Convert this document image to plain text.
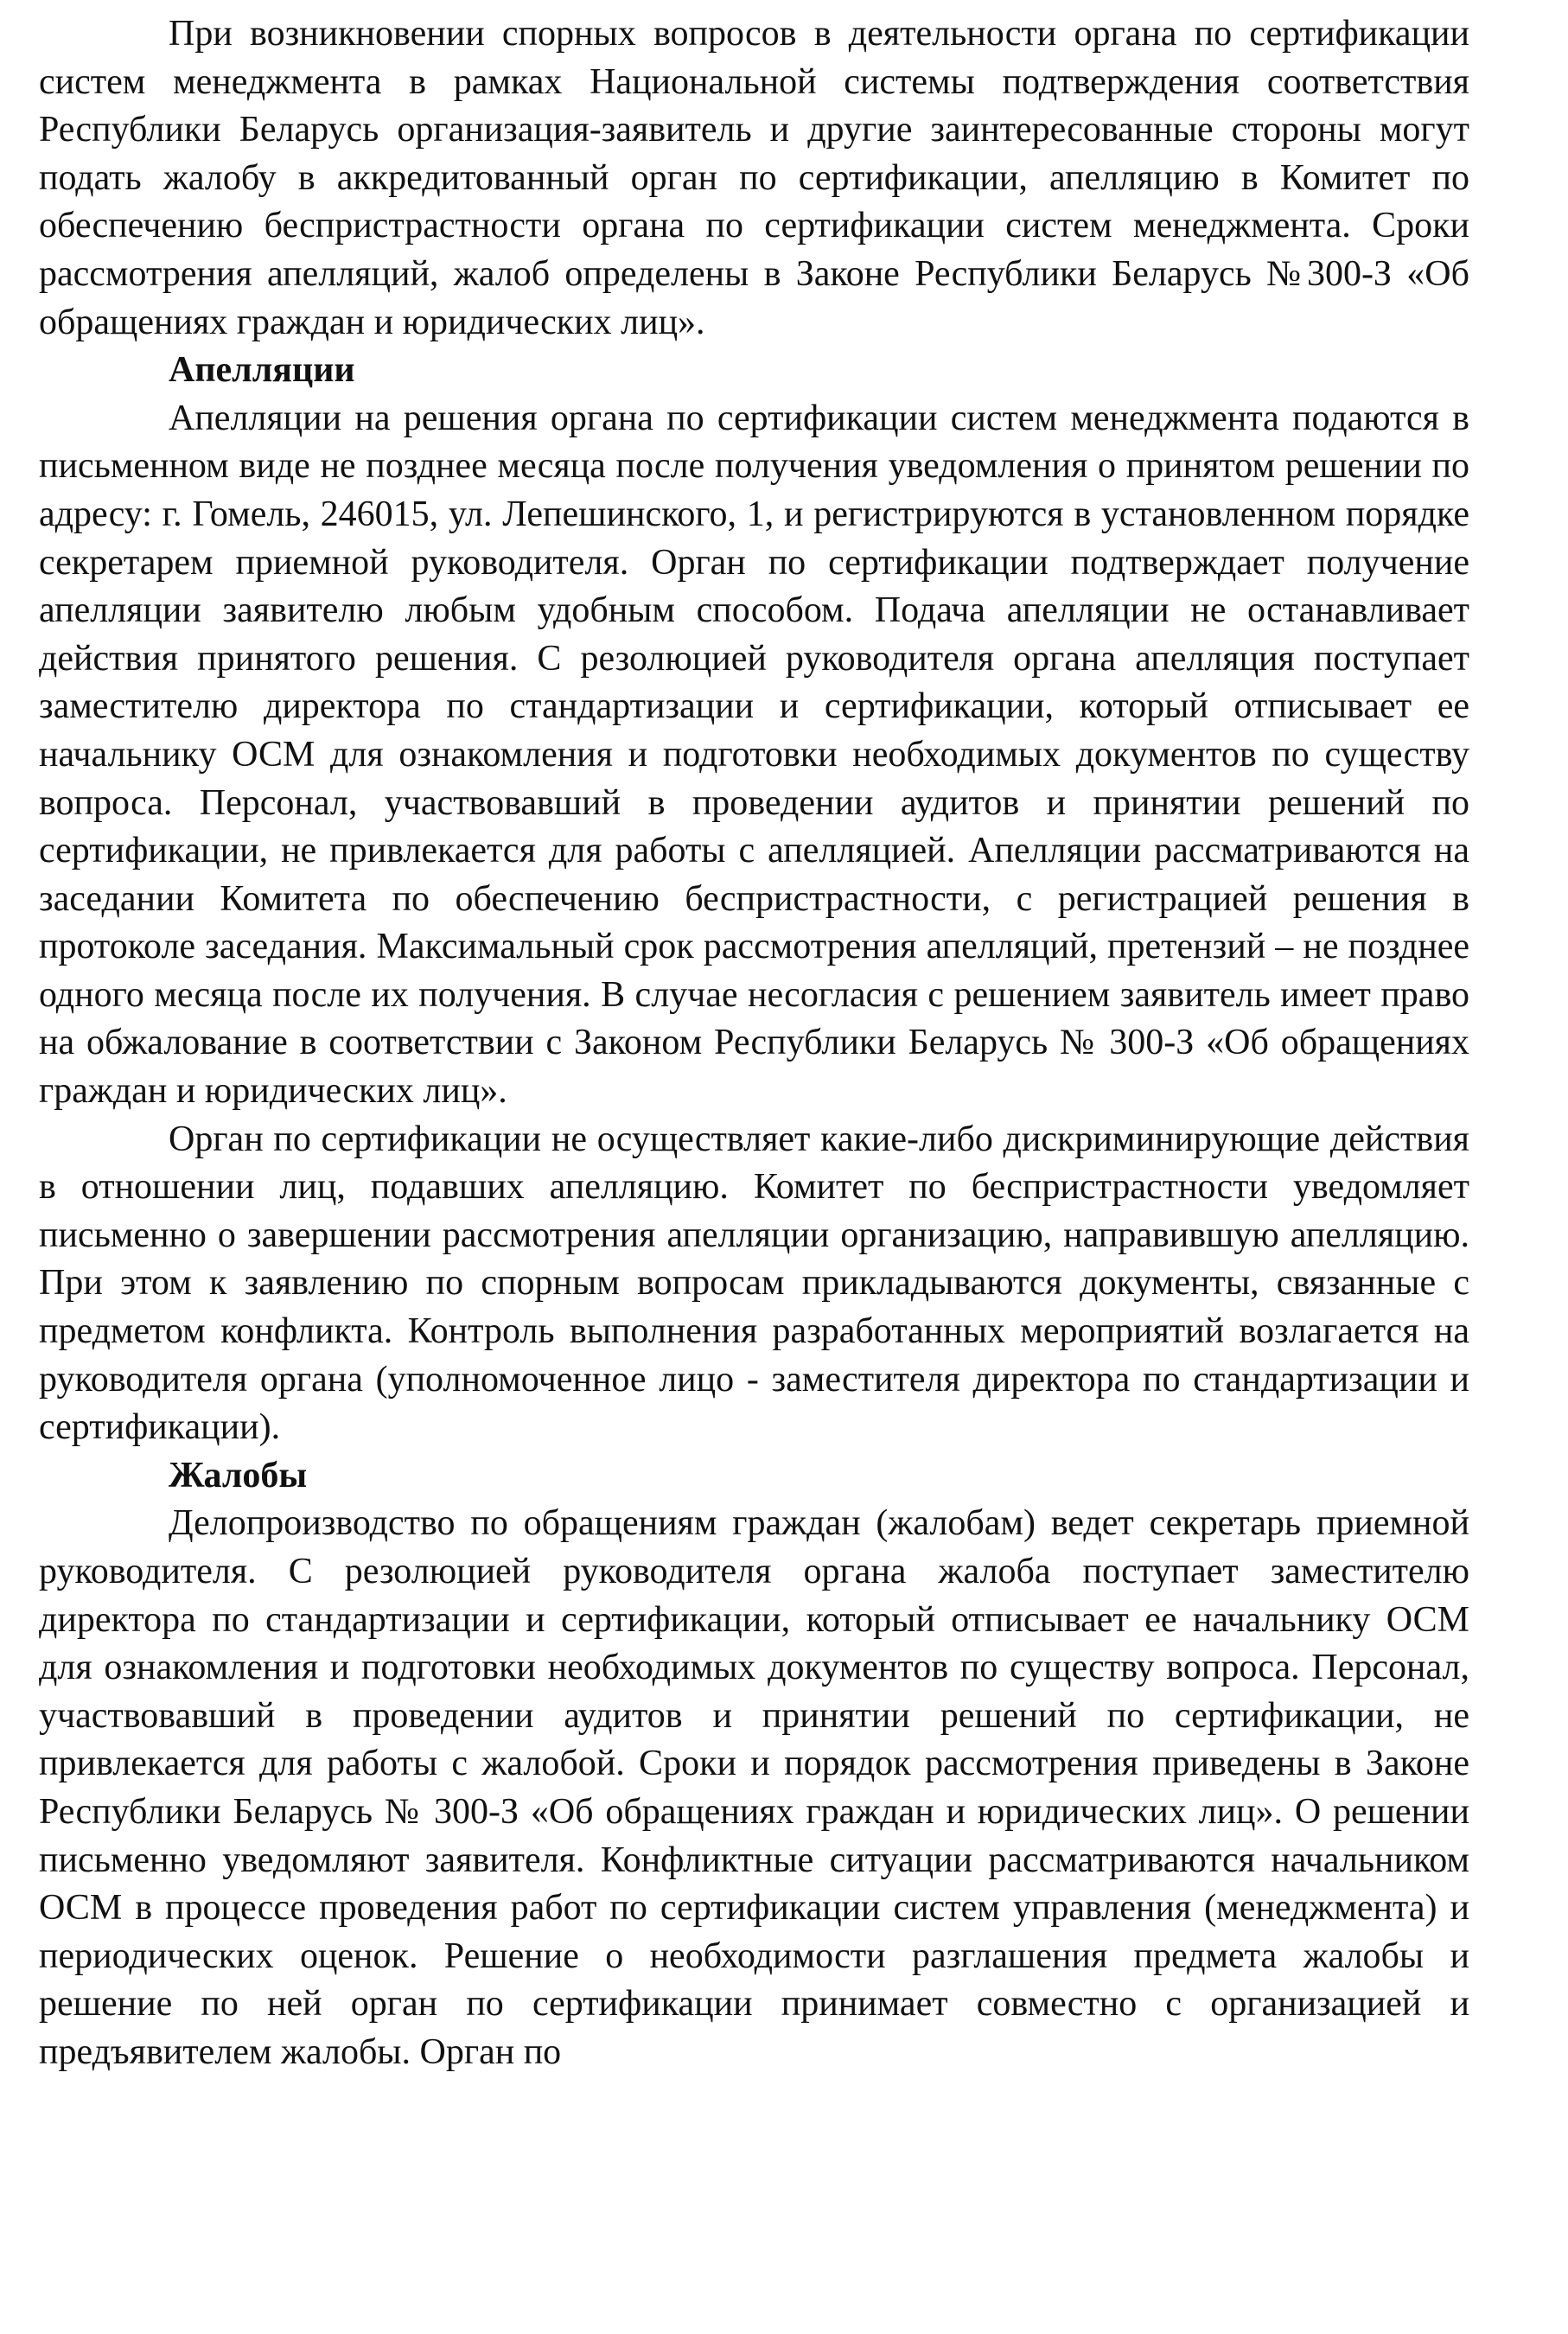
При возникновении спорных вопросов в деятельности органа по сертификации систем менеджмента в рамках Национальной системы подтверждения соответствия Республики Беларусь организация-заявитель и другие заинтересованные стороны могут подать жалобу в аккредитованный орган по сертификации, апелляцию в Комитет по обеспечению беспристрастности органа по сертификации систем менеджмента. Сроки рассмотрения апелляций, жалоб определены в Законе Республики Беларусь №300-З «Об обращениях граждан и юридических лиц».

Апелляции

Апелляции на решения органа по сертификации систем менеджмента подаются в письменном виде не позднее месяца после получения уведомления о принятом решении по адресу: г. Гомель, 246015, ул. Лепешинского, 1, и регистрируются в установленном порядке секретарем приемной руководителя. Орган по сертификации подтверждает получение апелляции заявителю любым удобным способом. Подача апелляции не останавливает действия принятого решения. С резолюцией руководителя органа апелляция поступает заместителю директора по стандартизации и сертификации, который отписывает ее начальнику ОСМ для ознакомления и подготовки необходимых документов по существу вопроса. Персонал, участвовавший в проведении аудитов и принятии решений по сертификации, не привлекается для работы с апелляцией. Апелляции рассматриваются на заседании Комитета по обеспечению беспристрастности, с регистрацией решения в протоколе заседания. Максимальный срок рассмотрения апелляций, претензий – не позднее одного месяца после их получения. В случае несогласия с решением заявитель имеет право на обжалование в соответствии с Законом Республики Беларусь № 300-З «Об обращениях граждан и юридических лиц».

Орган по сертификации не осуществляет какие-либо дискриминирующие действия в отношении лиц, подавших апелляцию. Комитет по беспристрастности уведомляет письменно о завершении рассмотрения апелляции организацию, направившую апелляцию. При этом к заявлению по спорным вопросам прикладываются документы, связанные с предметом конфликта. Контроль выполнения разработанных мероприятий возлагается на руководителя органа (уполномоченное лицо - заместителя директора по стандартизации и сертификации).

Жалобы

Делопроизводство по обращениям граждан (жалобам) ведет секретарь приемной руководителя. С резолюцией руководителя органа жалоба поступает заместителю директора по стандартизации и сертификации, который отписывает ее начальнику ОСМ для ознакомления и подготовки необходимых документов по существу вопроса. Персонал, участвовавший в проведении аудитов и принятии решений по сертификации, не привлекается для работы с жалобой. Сроки и порядок рассмотрения приведены в Законе Республики Беларусь № 300-З «Об обращениях граждан и юридических лиц». О решении письменно уведомляют заявителя. Конфликтные ситуации рассматриваются начальником ОСМ в процессе проведения работ по сертификации систем управления (менеджмента) и периодических оценок. Решение о необходимости разглашения предмета жалобы и решение по ней орган по сертификации принимает совместно с организацией и предъявителем жалобы. Орган по
